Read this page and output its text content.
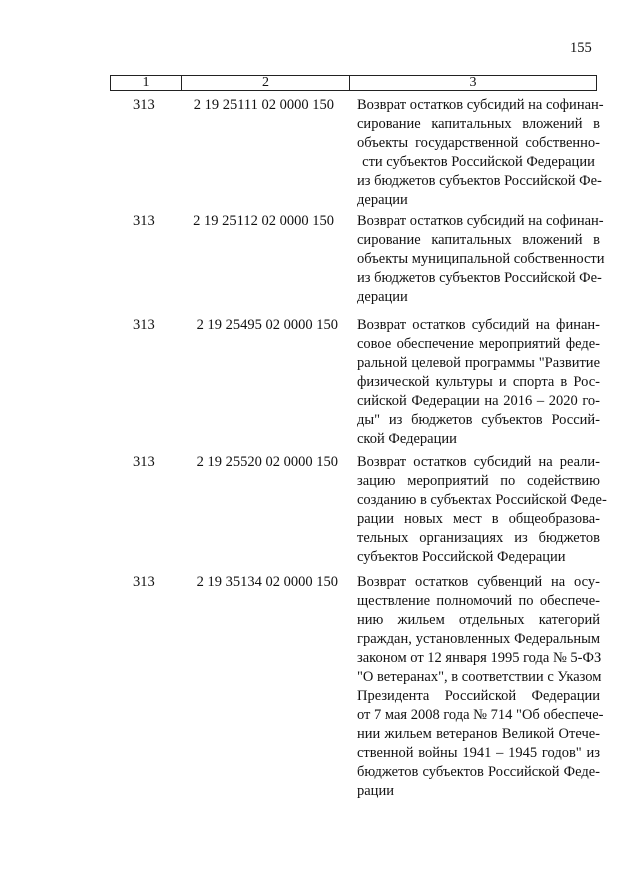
155
1	2	3
313	2 19 25111 02 0000 150 Возврат остатков субсидий на софинан-
сирование капитальных вложений в
объекты государственной собственно-
сти субъектов Российской Федерации
из бюджетов субъектов Российской Фе-
дерации
313	2 19 25112 02 0000 150 Возврат остатков субсидий на софинан-
сирование капитальных вложений в
объекты муниципальной собственности
из бюджетов субъектов Российской Фе-
дерации
313	2 19 25495 02 0000 150 Возврат остатков субсидий на финан-
совое обеспечение мероприятий феде-
ральной целевой программы "Развитие
физической культуры и спорта в Рос-
сийской Федерации на 2016 – 2020 го-
ды" из бюджетов субъектов Россий-
ской Федерации
313	2 19 25520 02 0000 150 Возврат остатков субсидий на реали-
зацию мероприятий по содействию
созданию в субъектах Российской Феде-
рации новых мест в общеобразова-
тельных организациях из бюджетов
субъектов Российской Федерации
313	2 19 35134 02 0000 150 Возврат остатков субвенций на осу-
ществление полномочий по обеспече-
нию жильем отдельных категорий
граждан, установленных Федеральным
законом от 12 января 1995 года № 5-ФЗ
"О ветеранах", в соответствии с Указом
Президента Российской Федерации
от 7 мая 2008 года № 714 "Об обеспече-
нии жильем ветеранов Великой Отече-
ственной войны 1941 – 1945 годов" из
бюджетов субъектов Российской Феде-
рации
